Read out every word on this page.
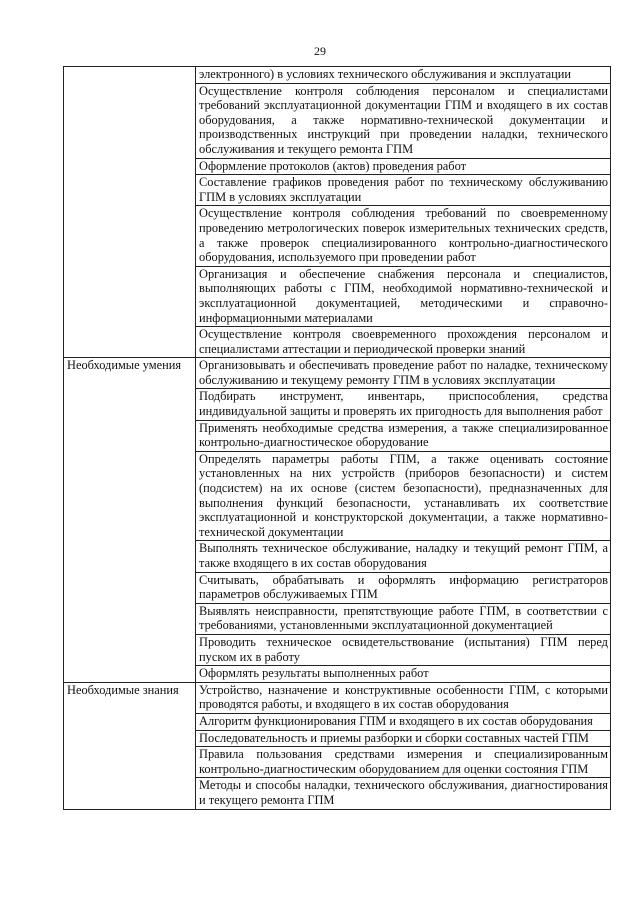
29
	электронного) в условиях технического обслуживания и эксплуатации
	Осуществление контроля соблюдения персоналом и специалистами требований эксплуатационной документации ГПМ и входящего в их состав оборудования, а также нормативно-технической документации и производственных инструкций при проведении наладки, технического обслуживания и текущего ремонта ГПМ
	Оформление протоколов (актов) проведения работ
	Составление графиков проведения работ по техническому обслуживанию ГПМ в условиях эксплуатации
	Осуществление контроля соблюдения требований по своевременному проведению метрологических поверок измерительных технических средств, а также проверок специализированного контрольно-диагностического оборудования, используемого при проведении работ
	Организация и обеспечение снабжения персонала и специалистов, выполняющих работы с ГПМ, необходимой нормативно-технической и эксплуатационной документацией, методическими и справочно-информационными материалами
	Осуществление контроля своевременного прохождения персоналом и специалистами аттестации и периодической проверки знаний
Необходимые умения	Организовывать и обеспечивать проведение работ по наладке, техническому обслуживанию и текущему ремонту ГПМ в условиях эксплуатации
	Подбирать инструмент, инвентарь, приспособления, средства индивидуальной защиты и проверять их пригодность для выполнения работ
	Применять необходимые средства измерения, а также специализированное контрольно-диагностическое оборудование
	Определять параметры работы ГПМ, а также оценивать состояние установленных на них устройств (приборов безопасности) и систем (подсистем) на их основе (систем безопасности), предназначенных для выполнения функций безопасности, устанавливать их соответствие эксплуатационной и конструкторской документации, а также нормативно-технической документации
	Выполнять техническое обслуживание, наладку и текущий ремонт ГПМ, а также входящего в их состав оборудования
	Считывать, обрабатывать и оформлять информацию регистраторов параметров обслуживаемых ГПМ
	Выявлять неисправности, препятствующие работе ГПМ, в соответствии с требованиями, установленными эксплуатационной документацией
	Проводить техническое освидетельствование (испытания) ГПМ перед пуском их в работу
	Оформлять результаты выполненных работ
Необходимые знания	Устройство, назначение и конструктивные особенности ГПМ, с которыми проводятся работы, и входящего в их состав оборудования
	Алгоритм функционирования ГПМ и входящего в их состав оборудования
	Последовательность и приемы разборки и сборки составных частей ГПМ
	Правила пользования средствами измерения и специализированным контрольно-диагностическим оборудованием для оценки состояния ГПМ
	Методы и способы наладки, технического обслуживания, диагностирования и текущего ремонта ГПМ
